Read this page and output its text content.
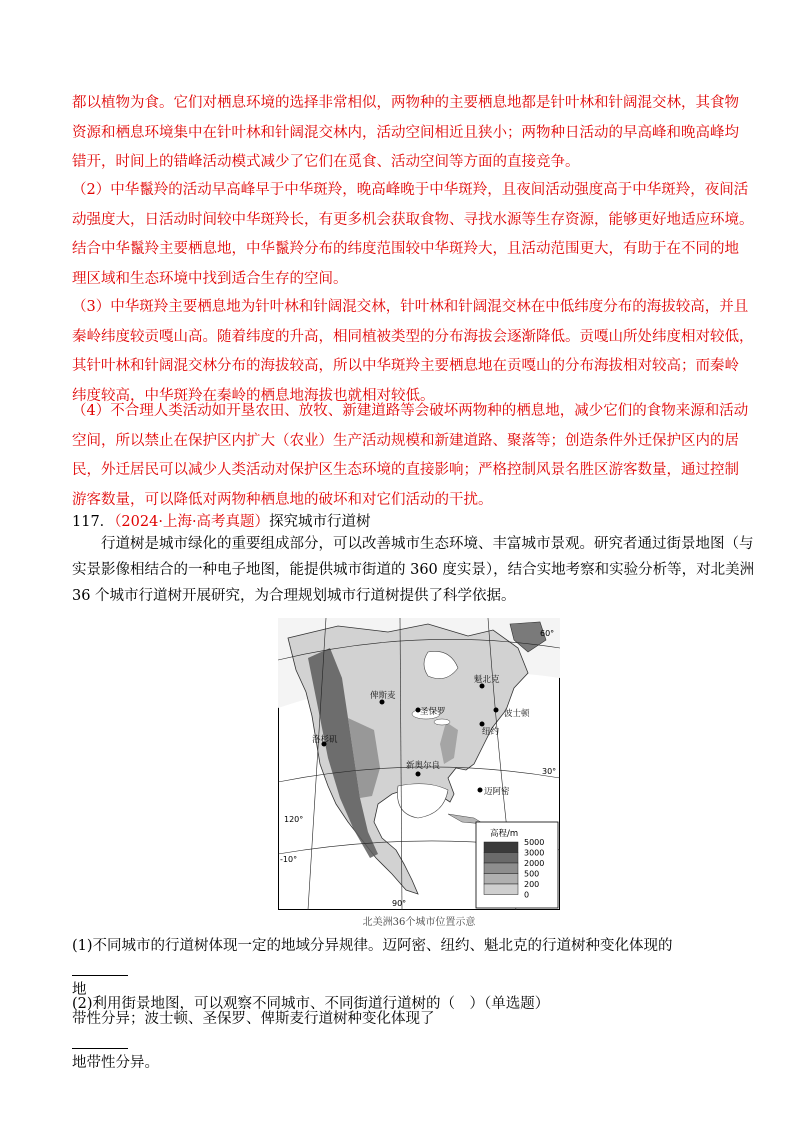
都以植物为食。它们对栖息环境的选择非常相似，两物种的主要栖息地都是针叶林和针阔混交林，其食物
资源和栖息环境集中在针叶林和针阔混交林内，活动空间相近且狭小；两物种日活动的早高峰和晚高峰均
错开，时间上的错峰活动模式减少了它们在觅食、活动空间等方面的直接竞争。
（2）中华鬣羚的活动早高峰早于中华斑羚，晚高峰晚于中华斑羚，且夜间活动强度高于中华斑羚，夜间活
动强度大，日活动时间较中华斑羚长，有更多机会获取食物、寻找水源等生存资源，能够更好地适应环境。
结合中华鬣羚主要栖息地，中华鬣羚分布的纬度范围较中华斑羚大，且活动范围更大，有助于在不同的地
理区域和生态环境中找到适合生存的空间。
（3）中华斑羚主要栖息地为针叶林和针阔混交林，针叶林和针阔混交林在中低纬度分布的海拔较高，并且
秦岭纬度较贡嘎山高。随着纬度的升高，相同植被类型的分布海拔会逐渐降低。贡嘎山所处纬度相对较低，
其针叶林和针阔混交林分布的海拔较高，所以中华斑羚主要栖息地在贡嘎山的分布海拔相对较高；而秦岭
纬度较高，中华斑羚在秦岭的栖息地海拔也就相对较低。
（4）不合理人类活动如开垦农田、放牧、新建道路等会破坏两物种的栖息地，减少它们的食物来源和活动
空间，所以禁止在保护区内扩大（农业）生产活动规模和新建道路、聚落等；创造条件外迁保护区内的居
民，外迁居民可以减少人类活动对保护区生态环境的直接影响；严格控制风景名胜区游客数量，通过控制
游客数量，可以降低对两物种栖息地的破坏和对它们活动的干扰。
117．（2024·上海·高考真题）探究城市行道树
　　行道树是城市绿化的重要组成部分，可以改善城市生态环境、丰富城市景观。研究者通过街景地图（与
实景影像相结合的一种电子地图，能提供城市街道的 360 度实景），结合实地考察和实验分析等，对北美洲
36 个城市行道树开展研究，为合理规划城市行道树提供了科学依据。
60°
30°
120°
-10°
90°
魁北克
俾斯麦
圣保罗	波士顿
纽约
洛杉矶
新奥尔良
迈阿密
高程/m
5000
3000
2000
500
200
0
北美洲36个城市位置示意
(1)不同城市的行道树体现一定的地域分异规律。迈阿密、纽约、魁北克的行道树种变化体现的
地
带性分异；波士顿、圣保罗、俾斯麦行道树种变化体现了
地带性分异。
(2)利用街景地图，可以观察不同城市、不同街道行道树的（　）（单选题）
